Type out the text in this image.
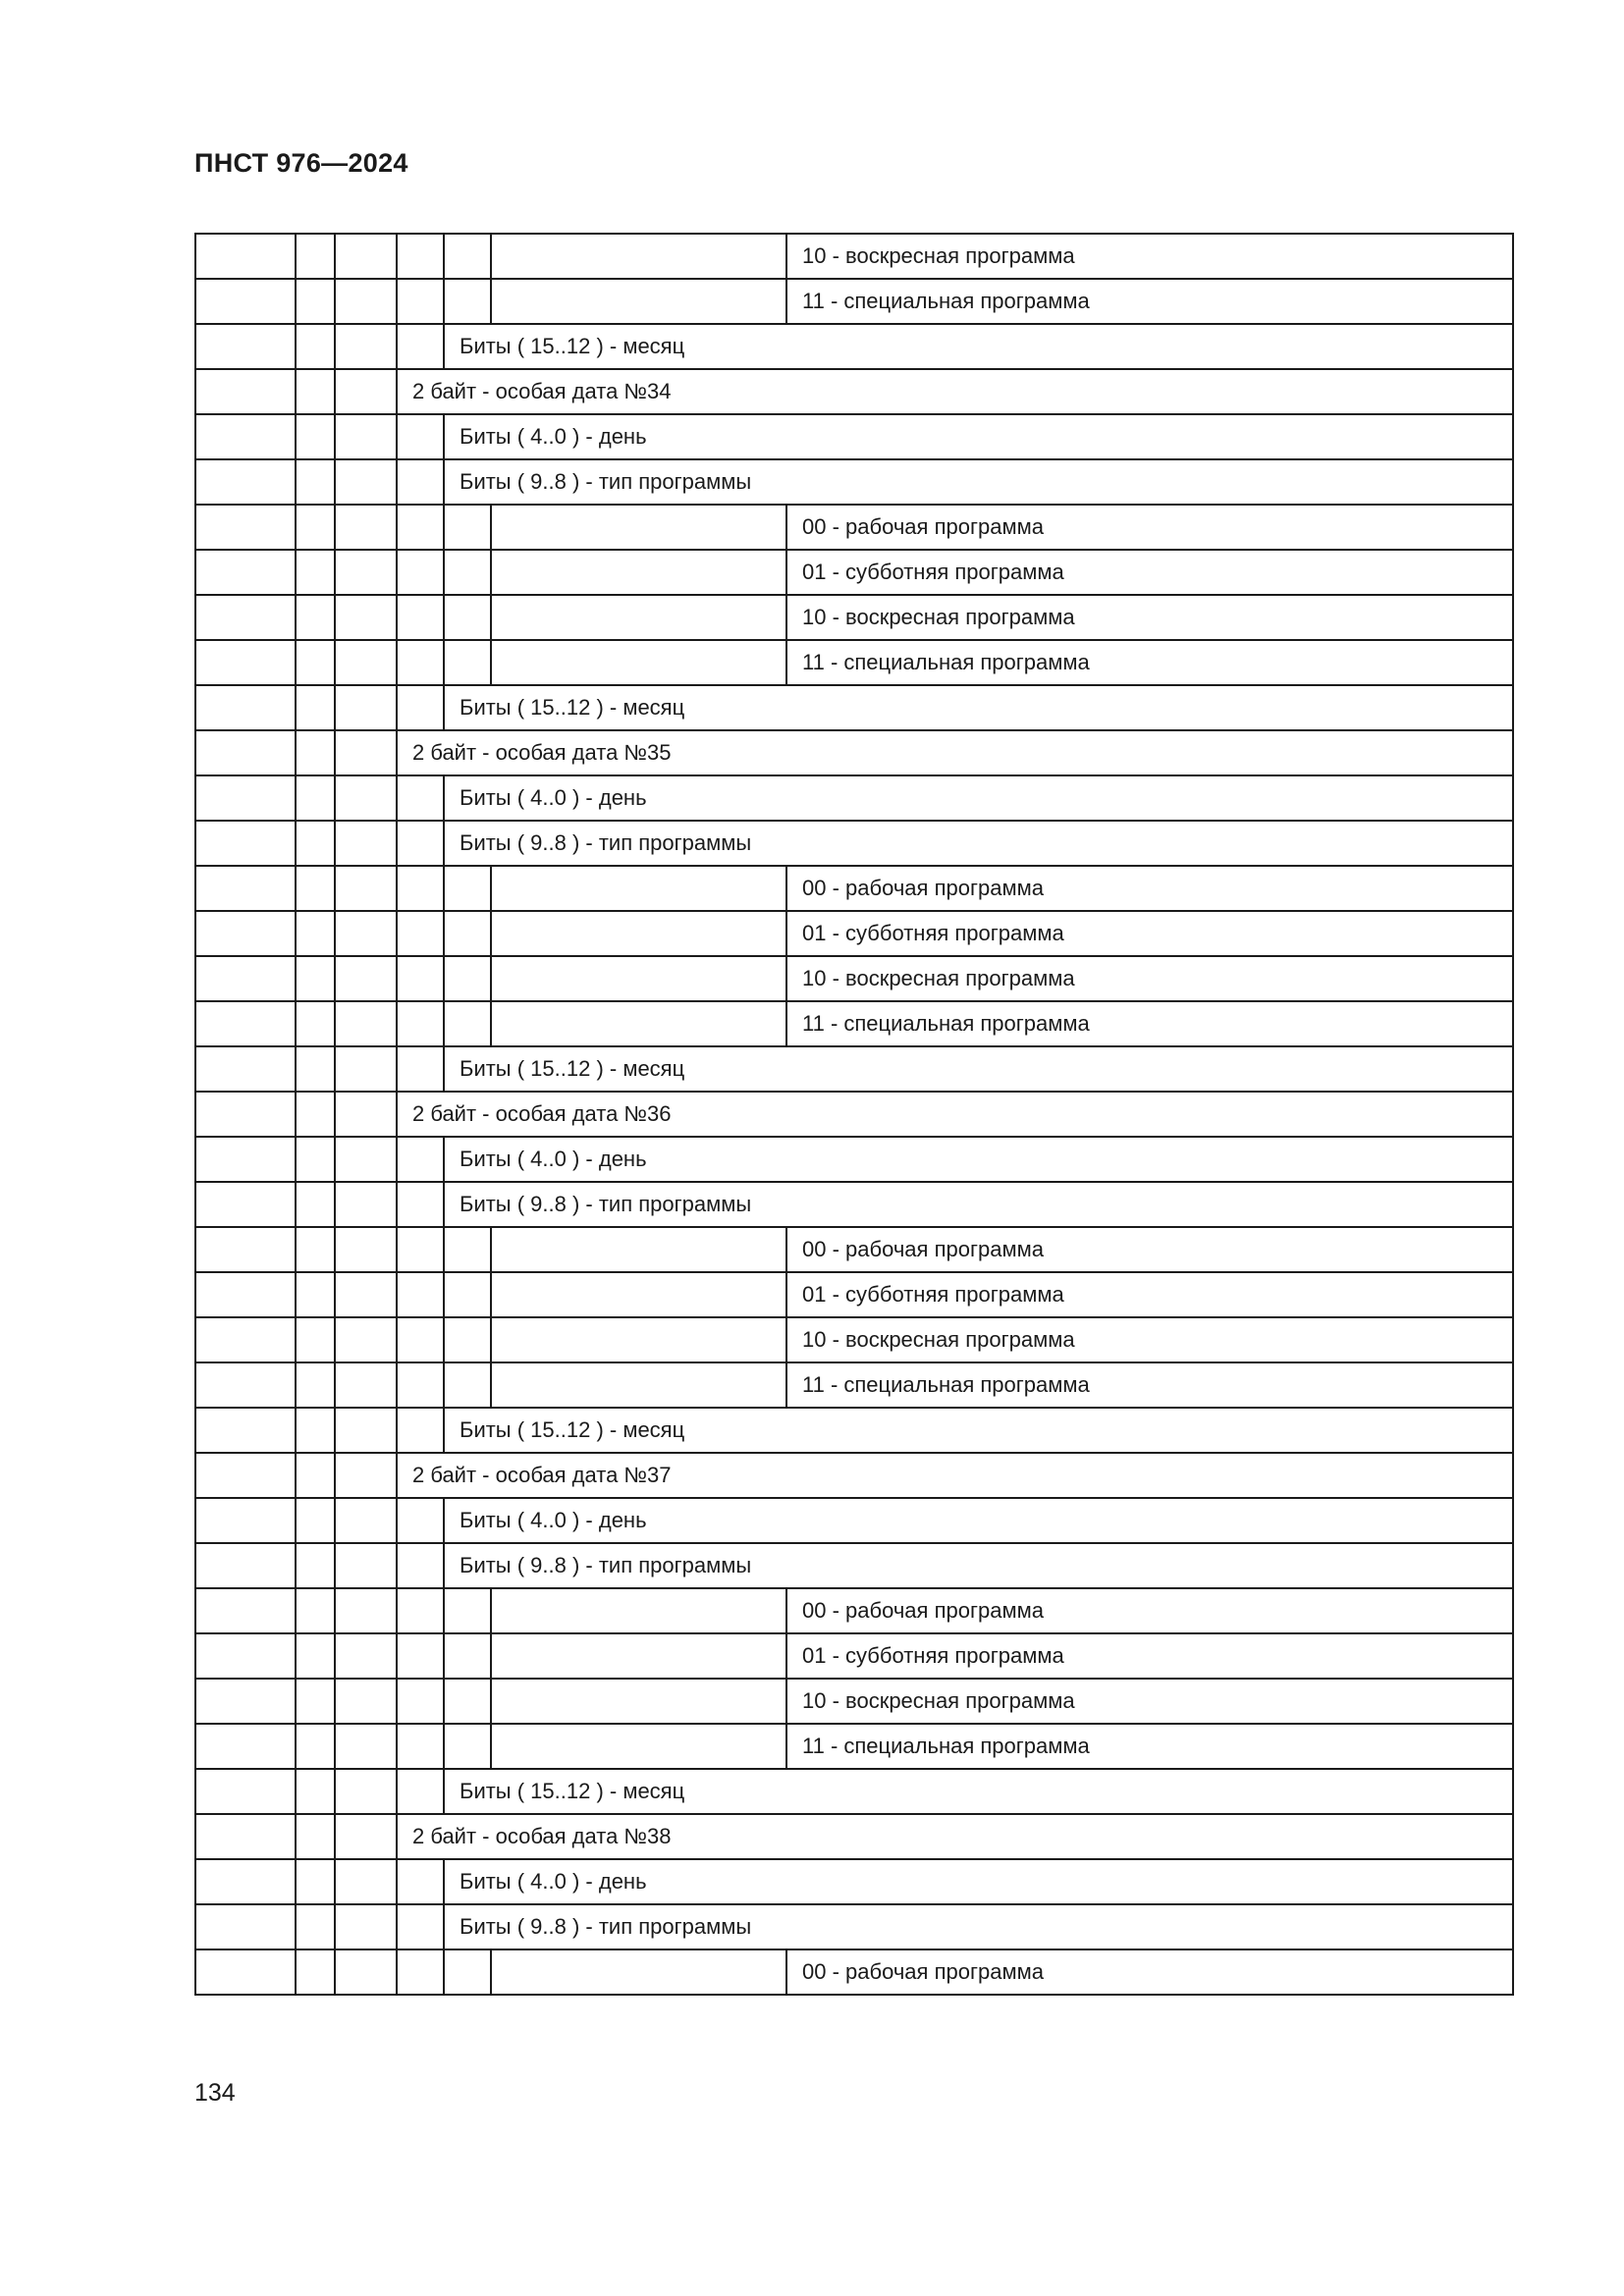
ПНСТ 976—2024
						10 - воскресная программа
						11 - специальная программа
				Биты ( 15..12 ) - месяц		
			2 байт - особая дата №34			
				Биты ( 4..0 ) - день		
				Биты ( 9..8 ) - тип программы		
						00 - рабочая программа
						01 - субботняя программа
						10 - воскресная программа
						11 - специальная программа
				Биты ( 15..12 ) - месяц		
			2 байт - особая дата №35			
				Биты ( 4..0 ) - день		
				Биты ( 9..8 ) - тип программы		
						00 - рабочая программа
						01 - субботняя программа
						10 - воскресная программа
						11 - специальная программа
				Биты ( 15..12 ) - месяц		
			2 байт - особая дата №36			
				Биты ( 4..0 ) - день		
				Биты ( 9..8 ) - тип программы		
						00 - рабочая программа
						01 - субботняя программа
						10 - воскресная программа
						11 - специальная программа
				Биты ( 15..12 ) - месяц		
			2 байт - особая дата №37			
				Биты ( 4..0 ) - день		
				Биты ( 9..8 ) - тип программы		
						00 - рабочая программа
						01 - субботняя программа
						10 - воскресная программа
						11 - специальная программа
				Биты ( 15..12 ) - месяц		
			2 байт - особая дата №38			
				Биты ( 4..0 ) - день		
				Биты ( 9..8 ) - тип программы		
						00 - рабочая программа
134
